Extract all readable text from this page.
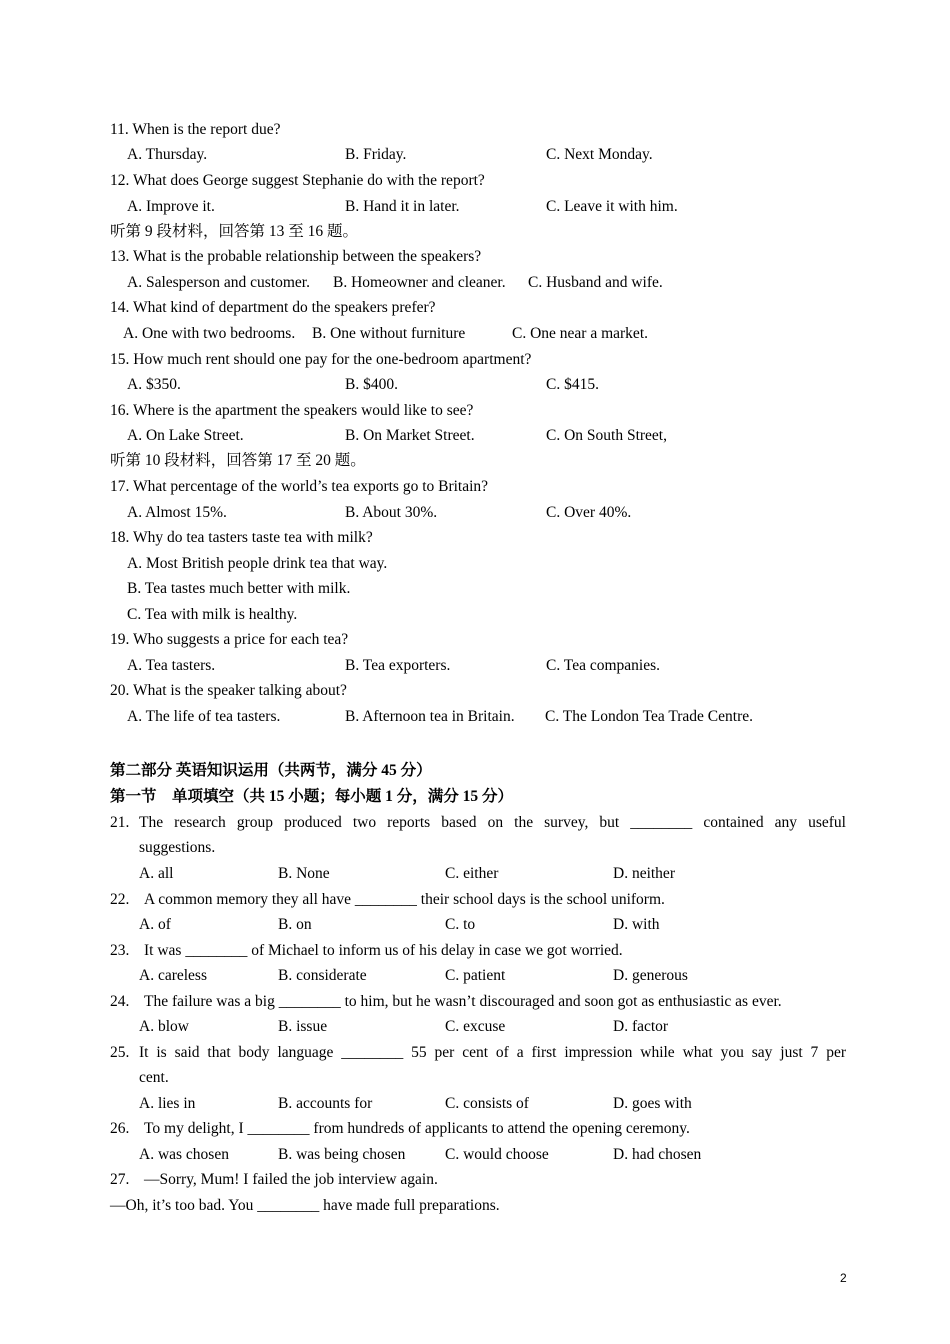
11. When is the report due?
A. Thursday.	B. Friday.	C. Next Monday.
12. What does George suggest Stephanie do with the report?
A. Improve it.	B. Hand it in later.	C. Leave it with him.
听第 9 段材料，回答第 13 至 16 题。
13. What is the probable relationship between the speakers?
A. Salesperson and customer. B. Homeowner and cleaner. C. Husband and wife.
14. What kind of department do the speakers prefer?
A. One with two bedrooms. B. One without furniture	C. One near a market.
15. How much rent should one pay for the one-bedroom apartment?
A. $350.	B. $400.	C. $415.
16. Where is the apartment the speakers would like to see?
A. On Lake Street.	B. On Market Street.	C. On South Street,
听第 10 段材料，回答第 17 至 20 题。
17. What percentage of the world’s tea exports go to Britain?
A. Almost 15%.	B. About 30%.	C. Over 40%.
18. Why do tea tasters taste tea with milk?
A. Most British people drink tea that way.
B. Tea tastes much better with milk.
C. Tea with milk is healthy.
19. Who suggests a price for each tea?
A. Tea tasters.	B. Tea exporters.	C. Tea companies.
20. What is the speaker talking about?
A. The life of tea tasters.	B. Afternoon tea in Britain. C. The London Tea Trade Centre.
第二部分 英语知识运用（共两节，满分 45 分）
第一节　单项填空（共 15 小题；每小题 1 分，满分 15 分）
21. The research group produced two reports based on the survey, but ________ contained any useful
suggestions.
A. all	B. None	C. either	D. neither
22. A common memory they all have ________ their school days is the school uniform.
A. of	B. on	C. to	D. with
23. It was ________ of Michael to inform us of his delay in case we got worried.
A. careless	B. considerate	C. patient	D. generous
24. The failure was a big ________ to him, but he wasn’t discouraged and soon got as enthusiastic as ever.
A. blow	B. issue	C. excuse	D. factor
25. It is said that body language ________ 55 per cent of a first impression while what you say just 7 per
cent.
A. lies in	B. accounts for	C. consists of	D. goes with
26. To my delight, I ________ from hundreds of applicants to attend the opening ceremony.
A. was chosen	B. was being chosen	C. would choose	D. had chosen
27. —Sorry, Mum! I failed the job interview again.
—Oh, it’s too bad. You ________ have made full preparations.
2
